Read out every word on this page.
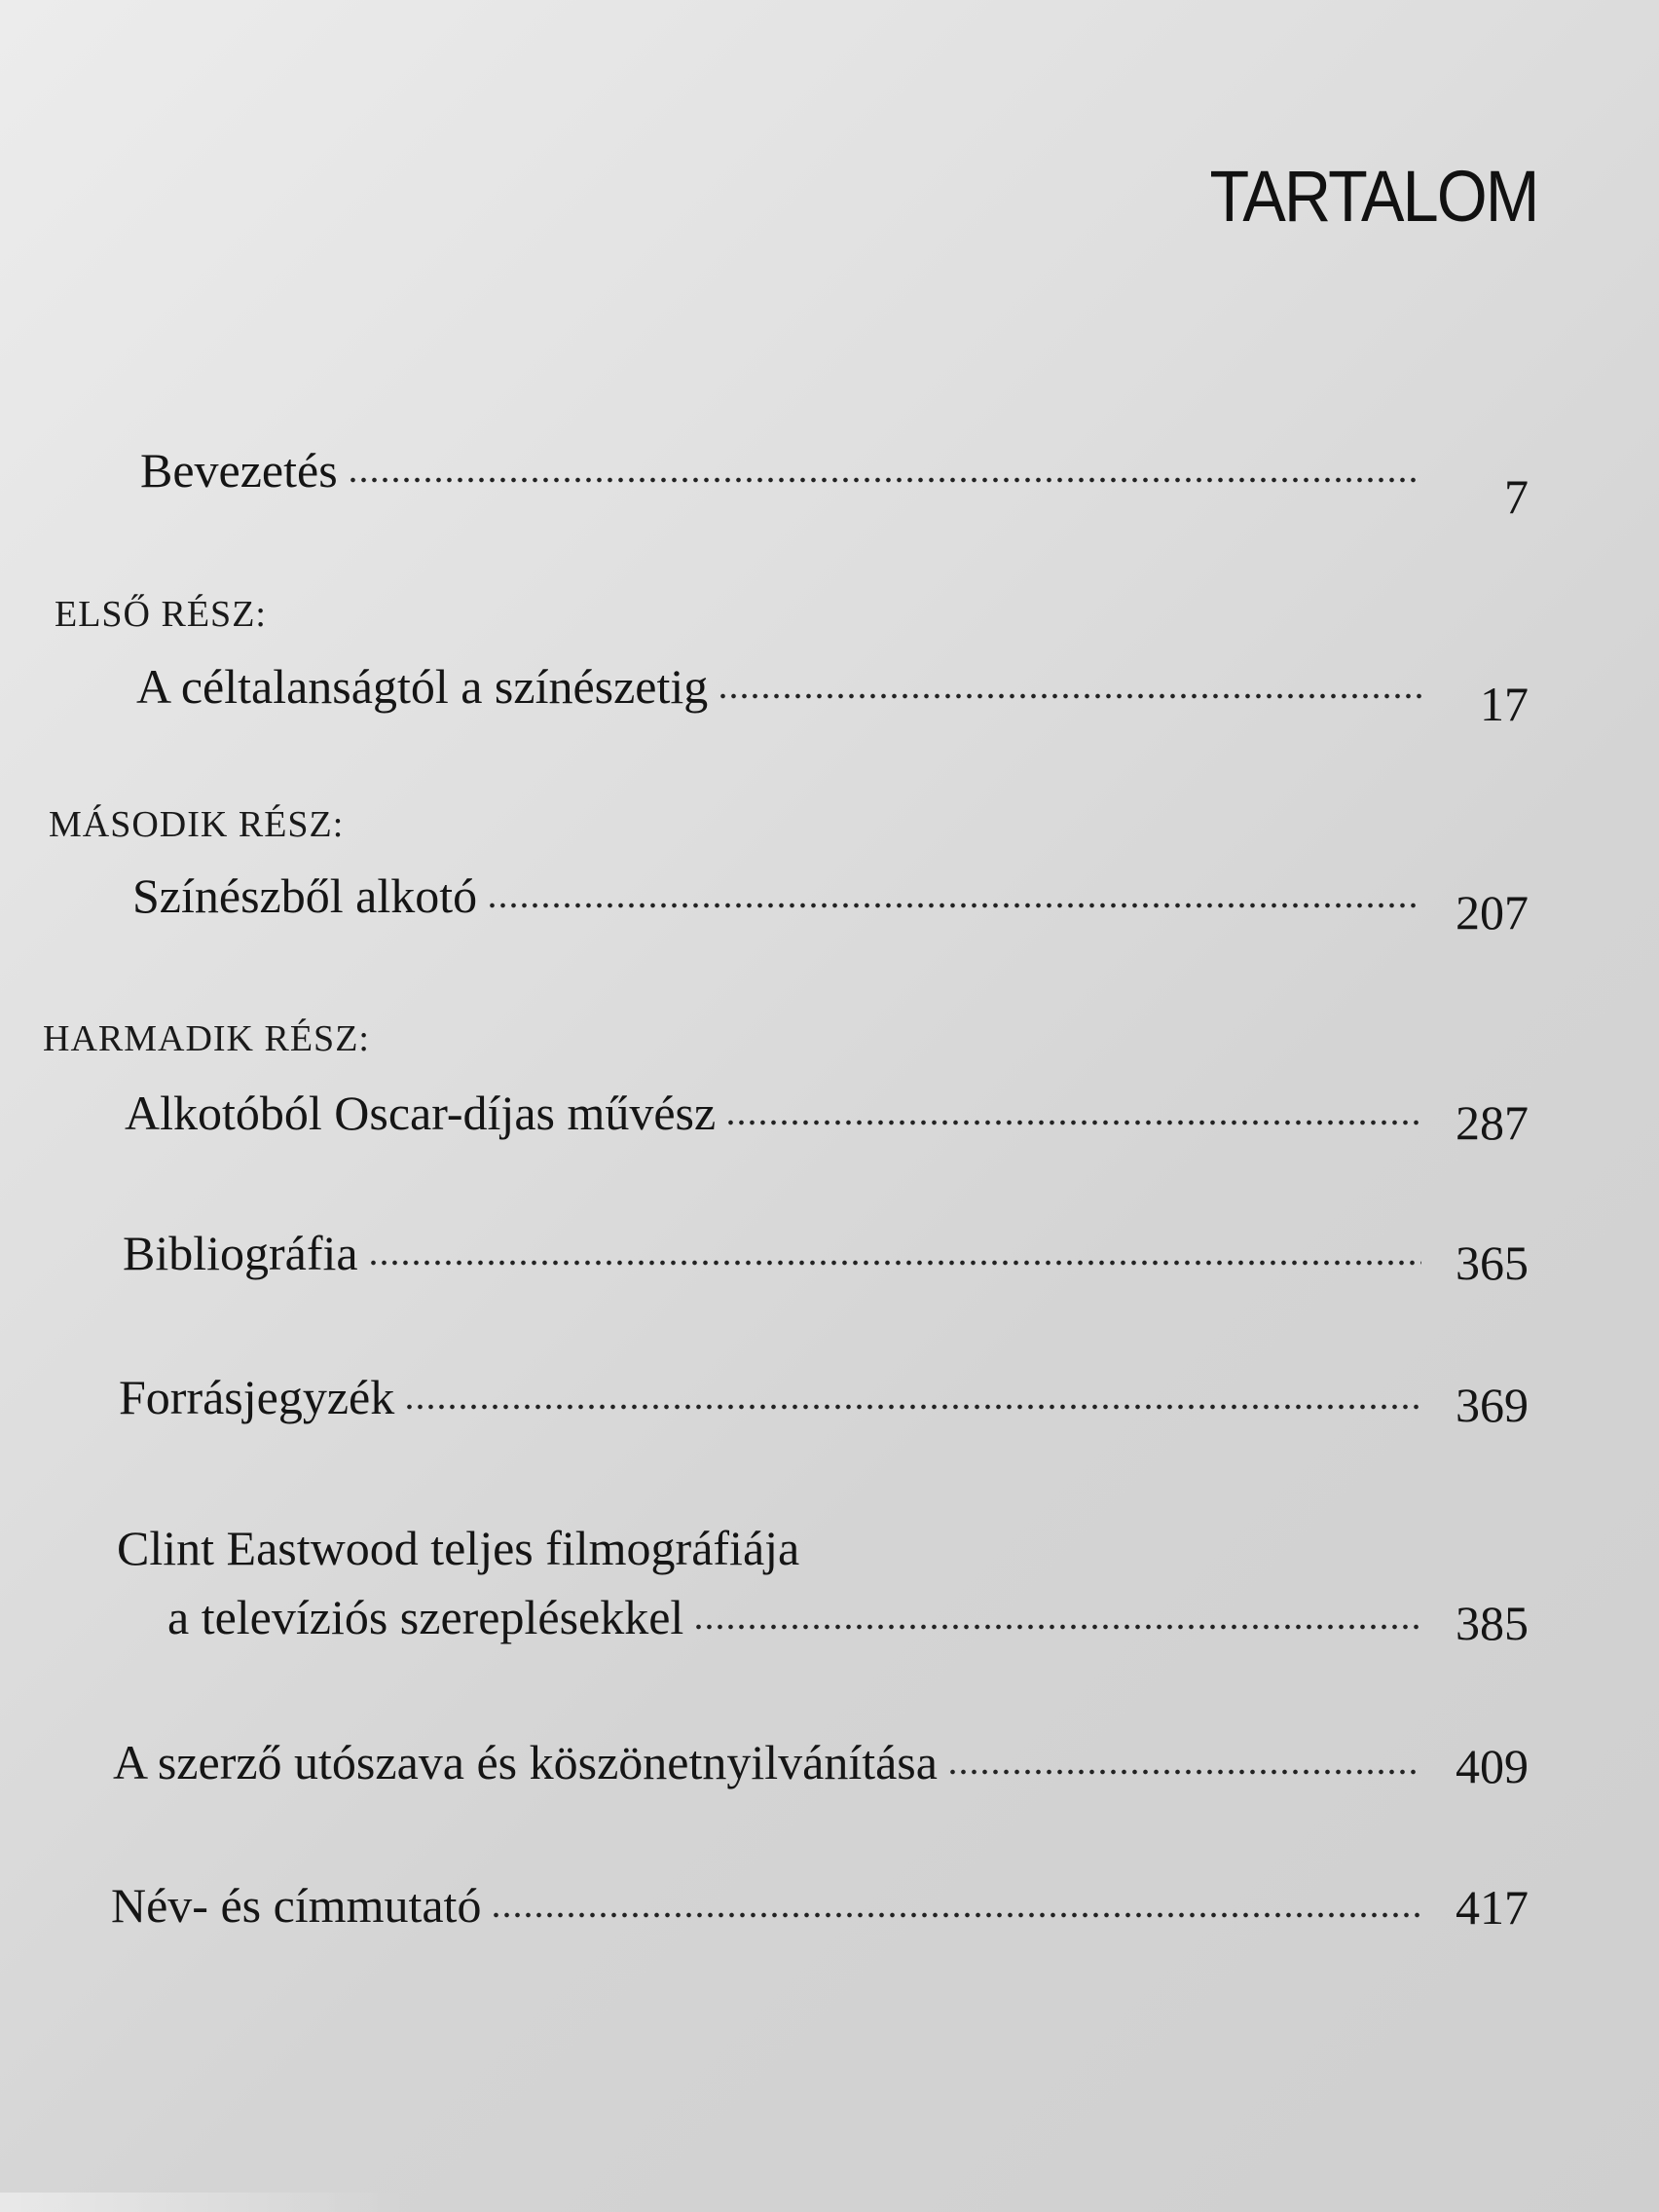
TARTALOM
Bevezetés	7
ELSŐ RÉSZ:
A céltalanságtól a színészetig	17
MÁSODIK RÉSZ:
Színészből alkotó	207
HARMADIK RÉSZ:
Alkotóból Oscar-díjas művész	287
Bibliográfia	365
Forrásjegyzék	369
Clint Eastwood teljes filmográfiája
a televíziós szereplésekkel	385
A szerző utószava és köszönetnyilvánítása	409
Név- és címmutató	417
